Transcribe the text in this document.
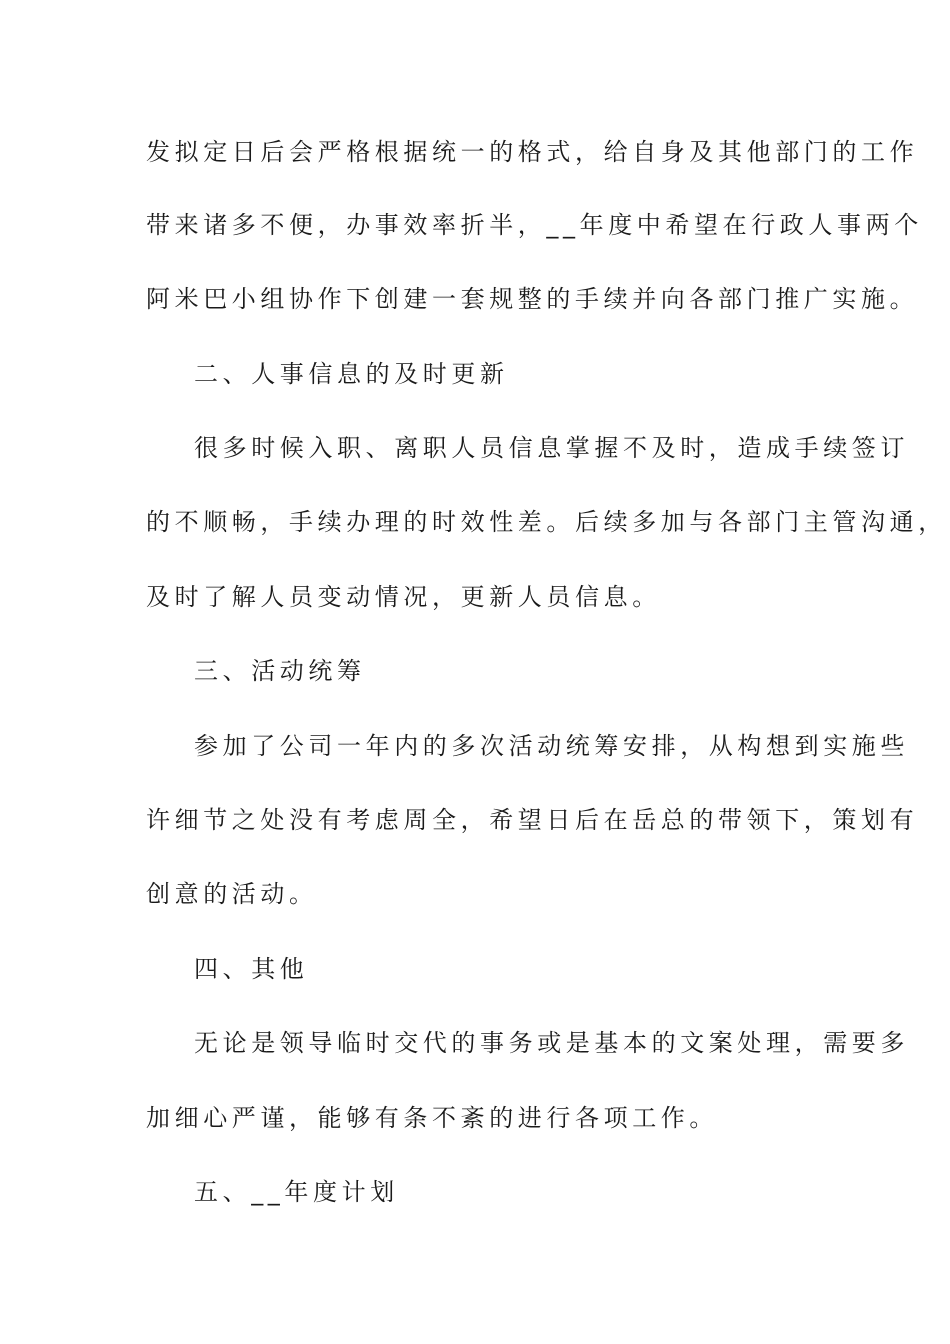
发拟定日后会严格根据统一的格式，给自身及其他部门的工作
带来诸多不便，办事效率折半，__年度中希望在行政人事两个
阿米巴小组协作下创建一套规整的手续并向各部门推广实施。
二、人事信息的及时更新
很多时候入职、离职人员信息掌握不及时，造成手续签订
的不顺畅，手续办理的时效性差。后续多加与各部门主管沟通，
及时了解人员变动情况，更新人员信息。
三、活动统筹
参加了公司一年内的多次活动统筹安排，从构想到实施些
许细节之处没有考虑周全，希望日后在岳总的带领下，策划有
创意的活动。
四、其他
无论是领导临时交代的事务或是基本的文案处理，需要多
加细心严谨，能够有条不紊的进行各项工作。
五、__年度计划
